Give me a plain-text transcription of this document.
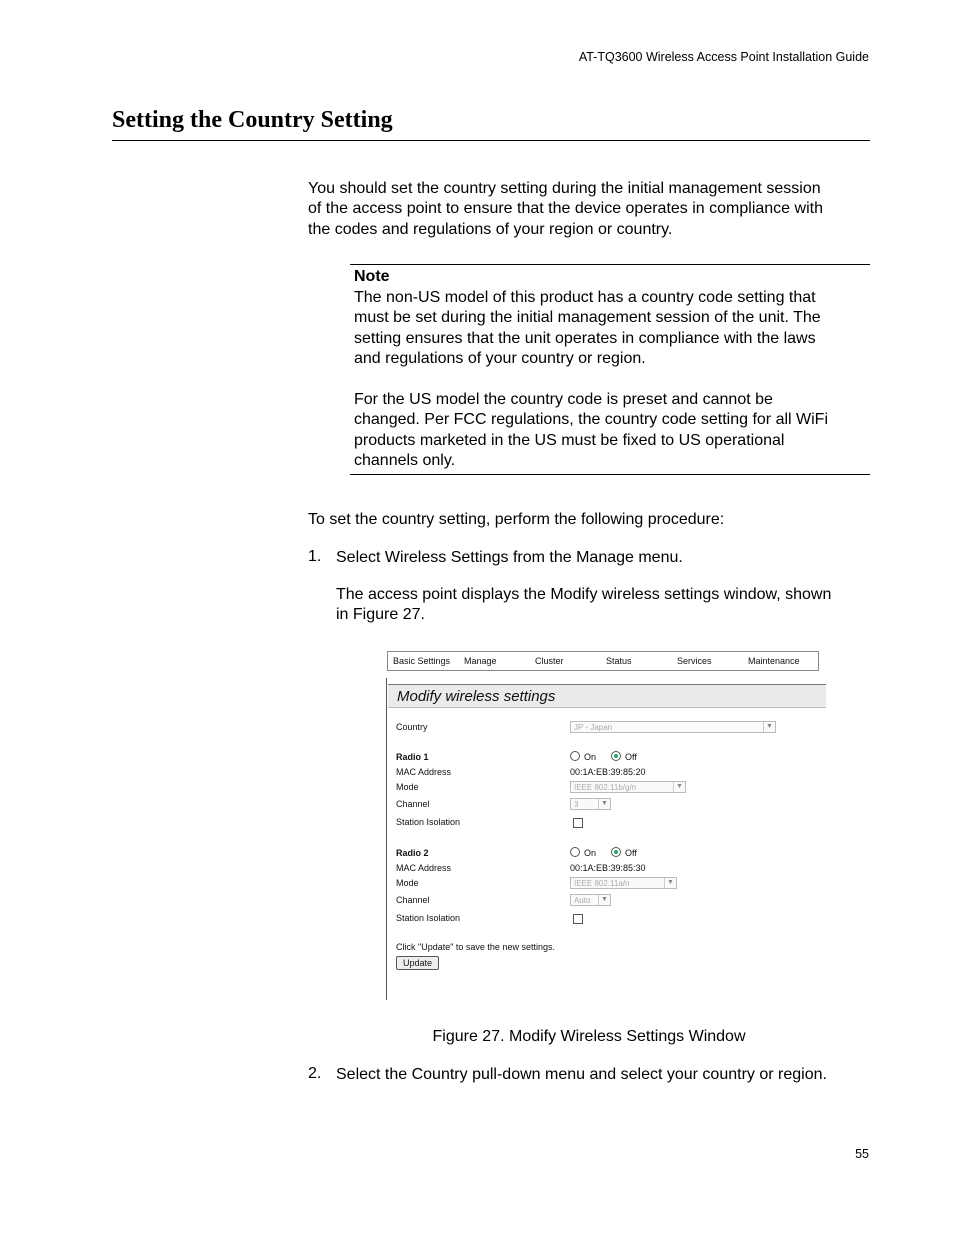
AT-TQ3600 Wireless Access Point Installation Guide
Setting the Country Setting
You should set the country setting during the initial management session
of the access point to ensure that the device operates in compliance with
the codes and regulations of your region or country.
Note
The non-US model of this product has a country code setting that
must be set during the initial management session of the unit. The
setting ensures that the unit operates in compliance with the laws
and regulations of your country or region.
For the US model the country code is preset and cannot be
changed. Per FCC regulations, the country code setting for all WiFi
products marketed in the US must be fixed to US operational
channels only.
To set the country setting, perform the following procedure:
1. Select Wireless Settings from the Manage menu.
The access point displays the Modify wireless settings window, shown
in Figure 27.
Basic Settings Manage	Cluster	Status	Services	Maintenance
Modify wireless settings
Country	JP - Japan	▼
Radio 1	On	Off
MAC Address	00:1A:EB:39:85:20
Mode	IEEE 802.11b/g/n	▼
Channel	3	▼
Station Isolation
Radio 2	On	Off
MAC Address	00:1A:EB:39:85:30
Mode	IEEE 802.11a/n	▼
Channel	Auto	▼
Station Isolation
Click "Update" to save the new settings.
Update
Figure 27. Modify Wireless Settings Window
2. Select the Country pull-down menu and select your country or region.
55
